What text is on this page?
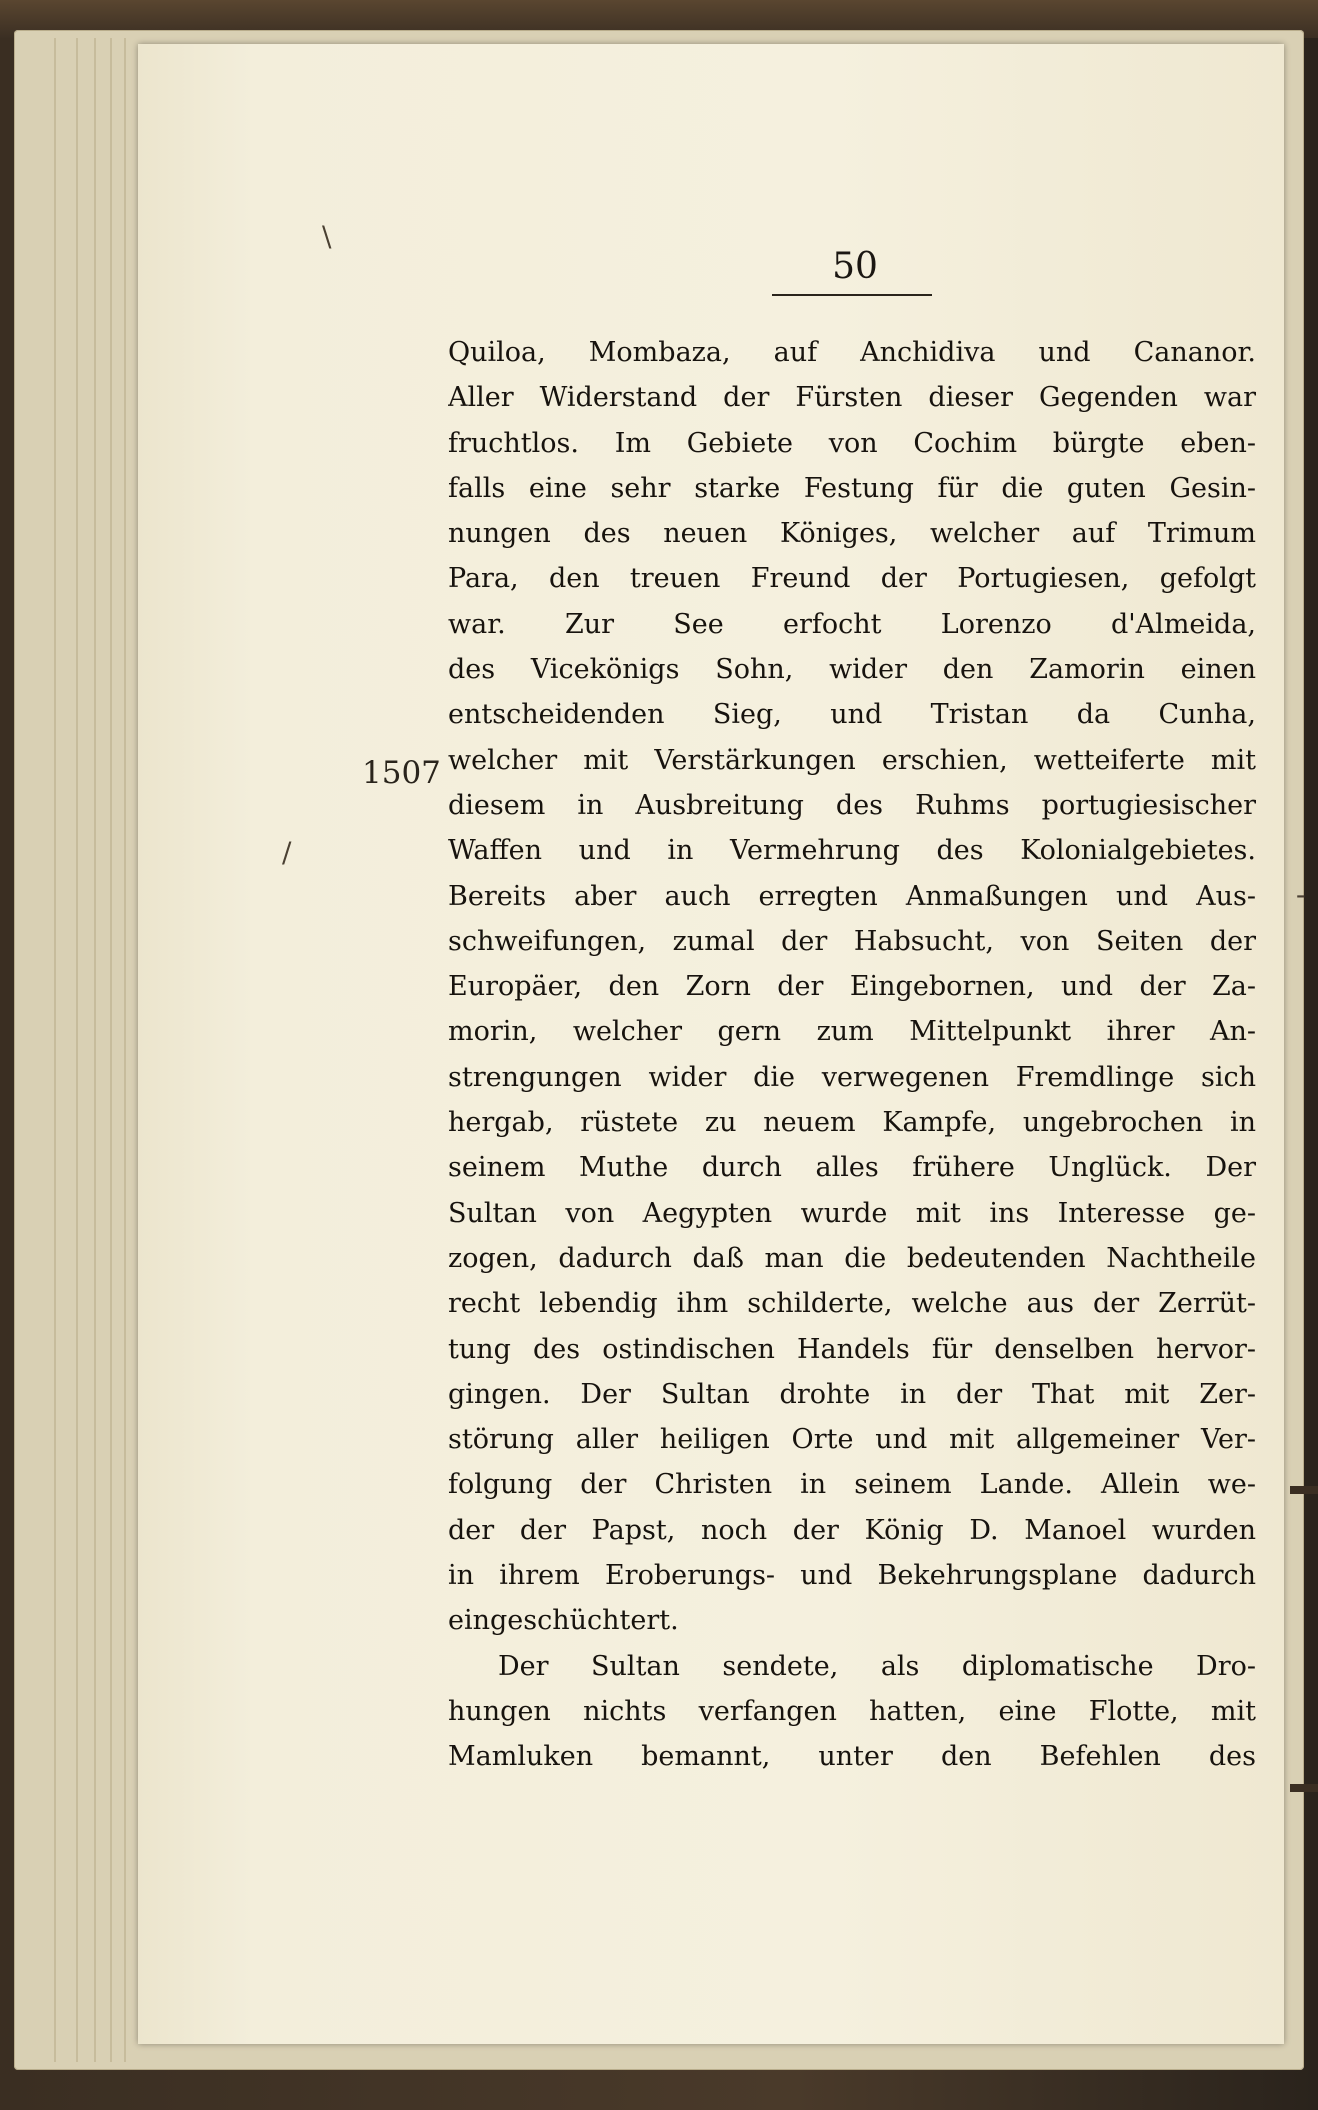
50
1507
\
/
-
Quiloa, Mombaza, auf Anchidiva und Cananor.
Aller Widerstand der Fürsten dieser Gegenden war
fruchtlos. Im Gebiete von Cochim bürgte eben-
falls eine sehr starke Festung für die guten Gesin-
nungen des neuen Königes, welcher auf Trimum
Para, den treuen Freund der Portugiesen, gefolgt
war. Zur See erfocht Lorenzo d'Almeida,
des Vicekönigs Sohn, wider den Zamorin einen
entscheidenden Sieg, und Tristan da Cunha,
welcher mit Verstärkungen erschien, wetteiferte mit
diesem in Ausbreitung des Ruhms portugiesischer
Waffen und in Vermehrung des Kolonialgebietes.
Bereits aber auch erregten Anmaßungen und Aus-
schweifungen, zumal der Habsucht, von Seiten der
Europäer, den Zorn der Eingebornen, und der Za-
morin, welcher gern zum Mittelpunkt ihrer An-
strengungen wider die verwegenen Fremdlinge sich
hergab, rüstete zu neuem Kampfe, ungebrochen in
seinem Muthe durch alles frühere Unglück. Der
Sultan von Aegypten wurde mit ins Interesse ge-
zogen, dadurch daß man die bedeutenden Nachtheile
recht lebendig ihm schilderte, welche aus der Zerrüt-
tung des ostindischen Handels für denselben hervor-
gingen. Der Sultan drohte in der That mit Zer-
störung aller heiligen Orte und mit allgemeiner Ver-
folgung der Christen in seinem Lande. Allein we-
der der Papst, noch der König D. Manoel wurden
in ihrem Eroberungs- und Bekehrungsplane dadurch
eingeschüchtert.
Der Sultan sendete, als diplomatische Dro-
hungen nichts verfangen hatten, eine Flotte, mit
Mamluken bemannt, unter den Befehlen des
